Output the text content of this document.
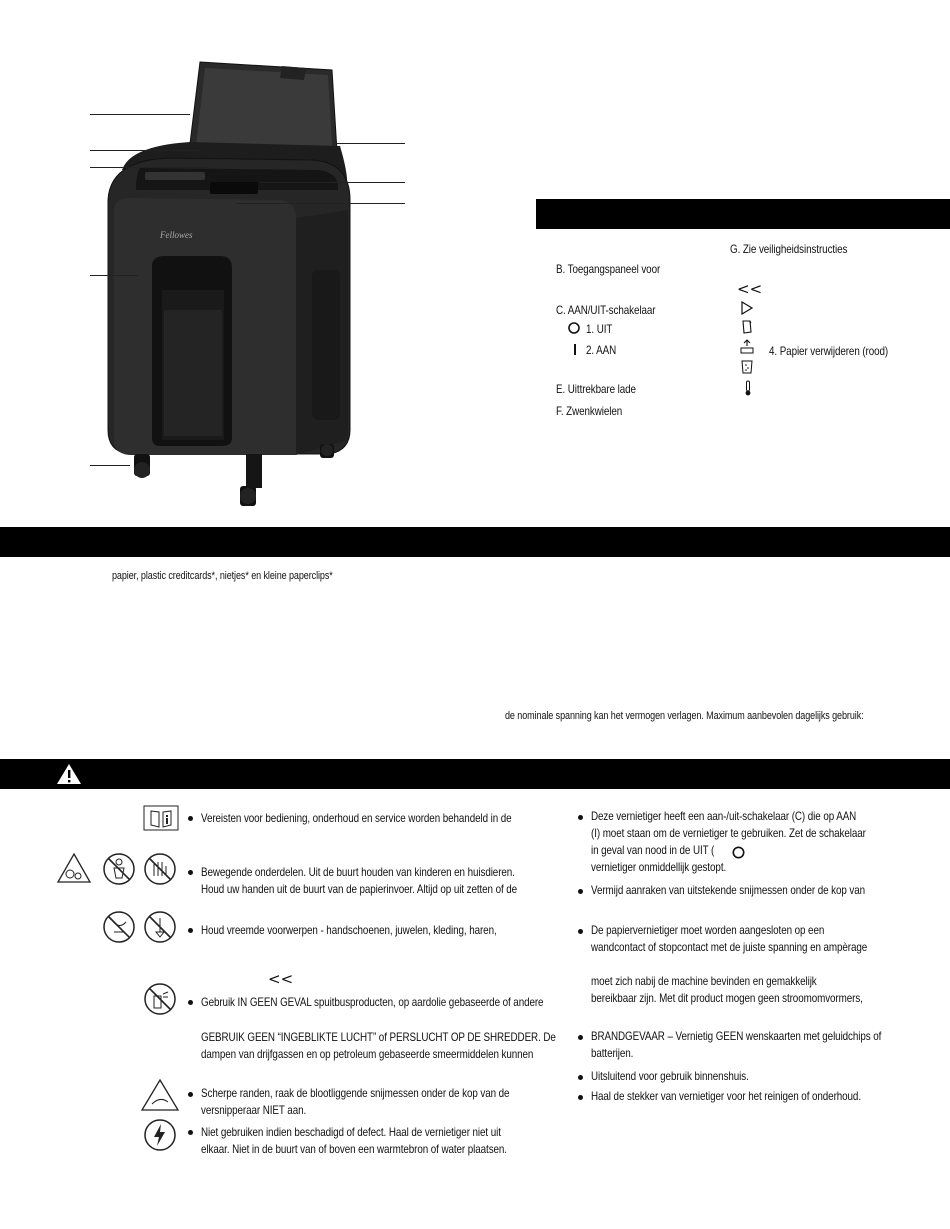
Fellowes
B. Toegangspaneel voor
C. AAN/UIT-schakelaar
1. UIT
2. AAN
E. Uittrekbare lade
F. Zwenkwielen
G. Zie veiligheidsinstructies
<<
4. Papier verwijderen (rood)
papier, plastic creditcards*, nietjes* en kleine paperclips*
de nominale spanning kan het vermogen verlagen. Maximum aanbevolen dagelijks gebruik:
<<
Vereisten voor bediening, onderhoud en service worden behandeld in de
Bewegende onderdelen. Uit de buurt houden van kinderen en huisdieren.
Houd uw handen uit de buurt van de papierinvoer. Altijd op uit zetten of de
Houd vreemde voorwerpen - handschoenen, juwelen, kleding, haren,
Gebruik IN GEEN GEVAL spuitbusproducten, op aardolie gebaseerde of andere
GEBRUIK GEEN “INGEBLIKTE LUCHT” of PERSLUCHT OP DE SHREDDER. De
dampen van drijfgassen en op petroleum gebaseerde smeermiddelen kunnen
Scherpe randen, raak de blootliggende snijmessen onder de kop van de
versnipperaar NIET aan.
Niet gebruiken indien beschadigd of defect. Haal de vernietiger niet uit
elkaar. Niet in de buurt van of boven een warmtebron of water plaatsen.
Deze vernietiger heeft een aan-/uit-schakelaar (C) die op AAN
(I) moet staan om de vernietiger te gebruiken. Zet de schakelaar
in geval van nood in de UIT (
vernietiger onmiddellijk gestopt.
Vermijd aanraken van uitstekende snijmessen onder de kop van
De papiervernietiger moet worden aangesloten op een
wandcontact of stopcontact met de juiste spanning en ampèrage
moet zich nabij de machine bevinden en gemakkelijk
bereikbaar zijn. Met dit product mogen geen stroomomvormers,
BRANDGEVAAR – Vernietig GEEN wenskaarten met geluidchips of
batterijen.
Uitsluitend voor gebruik binnenshuis.
Haal de stekker van vernietiger voor het reinigen of onderhoud.
